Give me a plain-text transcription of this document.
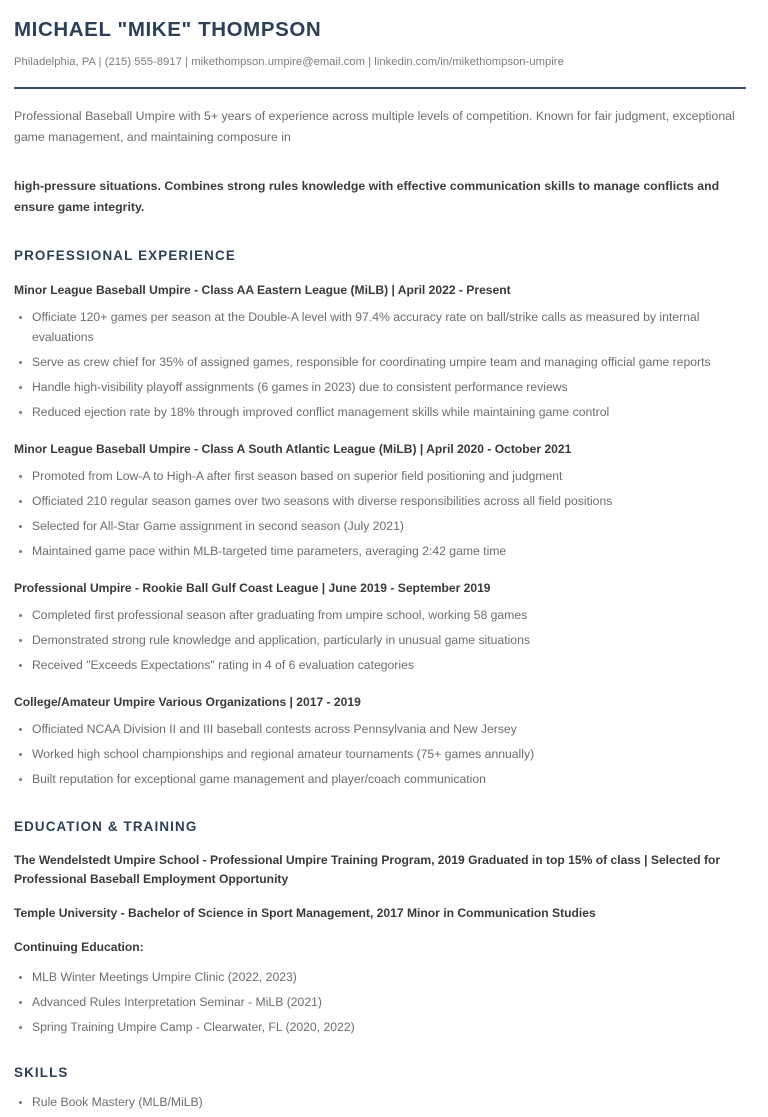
MICHAEL "MIKE" THOMPSON
Philadelphia, PA | (215) 555-8917 | mikethompson.umpire@email.com | linkedin.com/in/mikethompson-umpire

Professional Baseball Umpire with 5+ years of experience across multiple levels of competition. Known for fair judgment, exceptional game management, and maintaining composure in

high-pressure situations. Combines strong rules knowledge with effective communication skills to manage conflicts and ensure game integrity.

PROFESSIONAL EXPERIENCE
Minor League Baseball Umpire - Class AA Eastern League (MiLB) | April 2022 - Present
Officiate 120+ games per season at the Double-A level with 97.4% accuracy rate on ball/strike calls as measured by internal evaluations
Serve as crew chief for 35% of assigned games, responsible for coordinating umpire team and managing official game reports
Handle high-visibility playoff assignments (6 games in 2023) due to consistent performance reviews
Reduced ejection rate by 18% through improved conflict management skills while maintaining game control
Minor League Baseball Umpire - Class A South Atlantic League (MiLB) | April 2020 - October 2021
Promoted from Low-A to High-A after first season based on superior field positioning and judgment
Officiated 210 regular season games over two seasons with diverse responsibilities across all field positions
Selected for All-Star Game assignment in second season (July 2021)
Maintained game pace within MLB-targeted time parameters, averaging 2:42 game time
Professional Umpire - Rookie Ball Gulf Coast League | June 2019 - September 2019
Completed first professional season after graduating from umpire school, working 58 games
Demonstrated strong rule knowledge and application, particularly in unusual game situations
Received "Exceeds Expectations" rating in 4 of 6 evaluation categories
College/Amateur Umpire Various Organizations | 2017 - 2019
Officiated NCAA Division II and III baseball contests across Pennsylvania and New Jersey
Worked high school championships and regional amateur tournaments (75+ games annually)
Built reputation for exceptional game management and player/coach communication
EDUCATION & TRAINING
The Wendelstedt Umpire School - Professional Umpire Training Program, 2019 Graduated in top 15% of class | Selected for Professional Baseball Employment Opportunity
Temple University - Bachelor of Science in Sport Management, 2017 Minor in Communication Studies
Continuing Education:
MLB Winter Meetings Umpire Clinic (2022, 2023)
Advanced Rules Interpretation Seminar - MiLB (2021)
Spring Training Umpire Camp - Clearwater, FL (2020, 2022)
SKILLS
Rule Book Mastery (MLB/MiLB)
